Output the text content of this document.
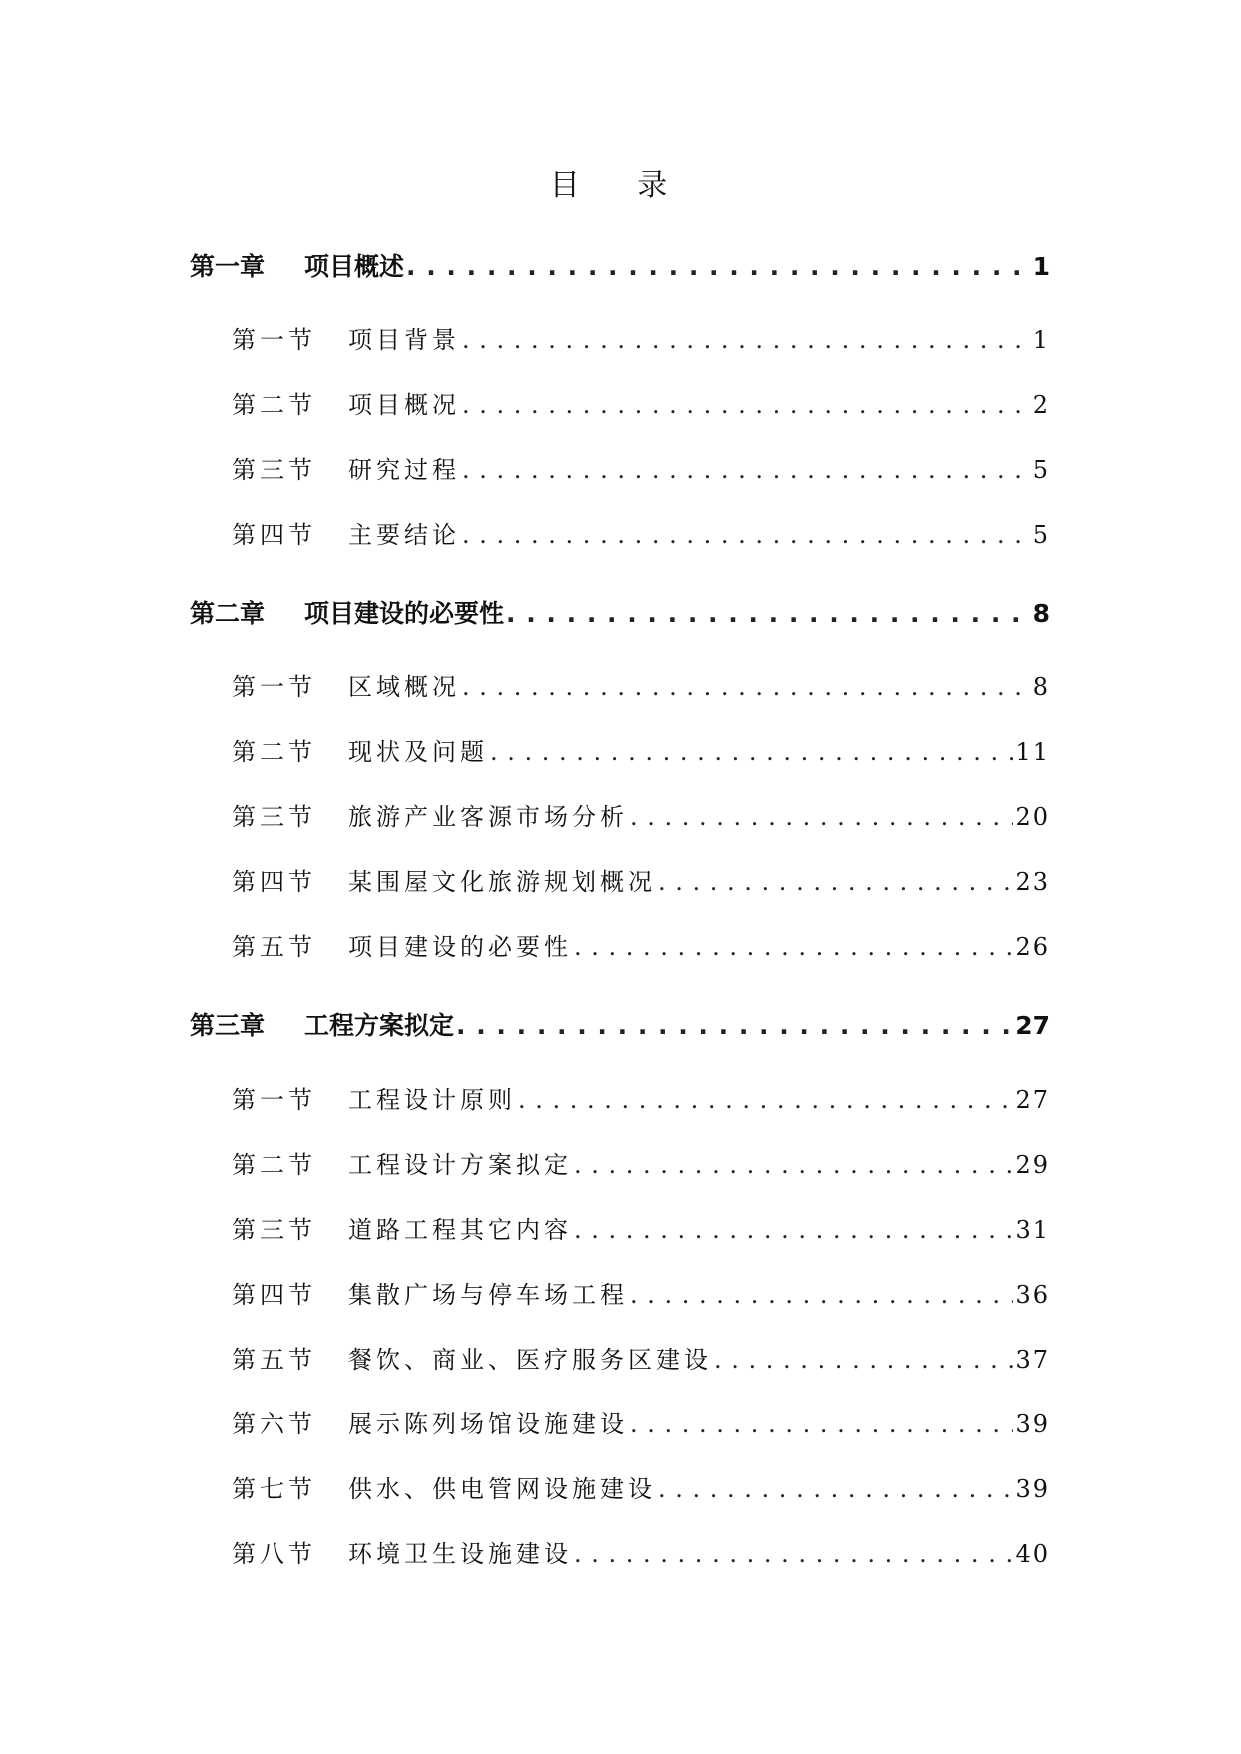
目 录
第一章	项目概述 . . .	1
第一节	项目背景 . . .	1
第二节	项目概况 . . .	2
第三节	研究过程 . . .	5
第四节	主要结论 . . .	5
第二章	项目建设的必要性 . . .	8
第一节	区域概况 . . .	8
第二节	现状及问题 . . .	11
第三节	旅游产业客源市场分析 . . .	20
第四节	某围屋文化旅游规划概况 . . .	23
第五节	项目建设的必要性 . . .	26
第三章	工程方案拟定 . . .	27
第一节	工程设计原则 . . .	27
第二节	工程设计方案拟定 . . .	29
第三节	道路工程其它内容 . . .	31
第四节	集散广场与停车场工程 . . .	36
第五节	餐饮、商业、医疗服务区建设 . . .	37
第六节	展示陈列场馆设施建设 . . .	39
第七节	供水、供电管网设施建设 . . .	39
第八节	环境卫生设施建设 . . .	40
